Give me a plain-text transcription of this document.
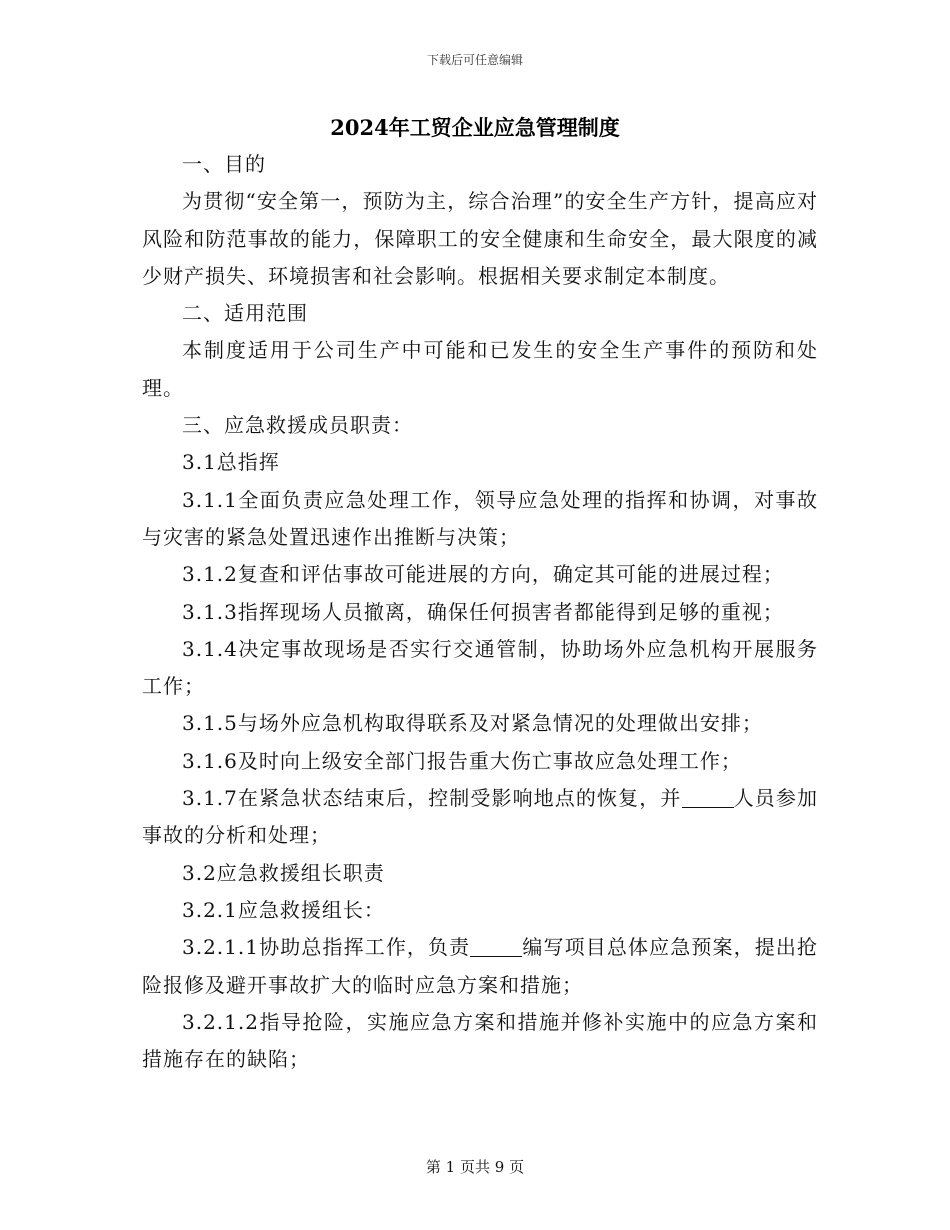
下载后可任意编辑
2024年工贸企业应急管理制度

一、目的

为贯彻“安全第一，预防为主，综合治理”的安全生产方针，提高应对风险和防范事故的能力，保障职工的安全健康和生命安全，最大限度的减少财产损失、环境损害和社会影响。根据相关要求制定本制度。

二、适用范围

本制度适用于公司生产中可能和已发生的安全生产事件的预防和处理。

三、应急救援成员职责：

3.1总指挥

3.1.1全面负责应急处理工作，领导应急处理的指挥和协调，对事故与灾害的紧急处置迅速作出推断与决策；

3.1.2复查和评估事故可能进展的方向，确定其可能的进展过程；

3.1.3指挥现场人员撤离，确保任何损害者都能得到足够的重视；

3.1.4决定事故现场是否实行交通管制，协助场外应急机构开展服务工作；

3.1.5与场外应急机构取得联系及对紧急情况的处理做出安排；

3.1.6及时向上级安全部门报告重大伤亡事故应急处理工作；

3.1.7在紧急状态结束后，控制受影响地点的恢复，并	人员参加事故的分析和处理；

3.2应急救援组长职责

3.2.1应急救援组长：

3.2.1.1协助总指挥工作，负责	编写项目总体应急预案，提出抢险报修及避开事故扩大的临时应急方案和措施；

3.2.1.2指导抢险，实施应急方案和措施并修补实施中的应急方案和措施存在的缺陷；

第 1 页共 9 页
